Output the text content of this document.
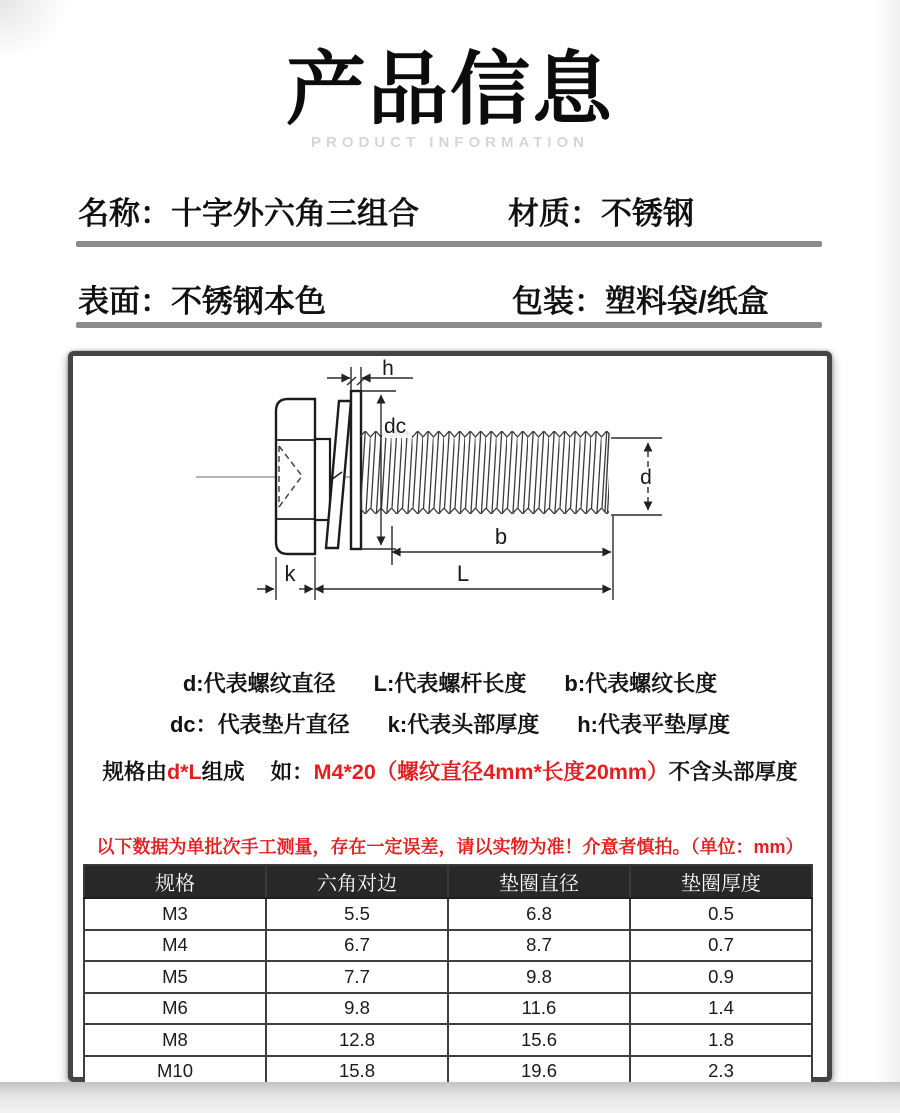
产品信息
PRODUCT INFORMATION
名称：十字外六角三组合	材质：不锈钢
表面：不锈钢本色	包装：塑料袋/纸盒
h
dc
d
b
k	L
d:代表螺纹直径 L:代表螺杆长度 b:代表螺纹长度
dc：代表垫片直径 k:代表头部厚度 h:代表平垫厚度
规格由d*L组成 如：M4*20（螺纹直径4mm*长度20mm）不含头部厚度
以下数据为单批次手工测量，存在一定误差，请以实物为准！介意者慎拍。（单位：mm）
规格	六角对边	垫圈直径	垫圈厚度
M3	5.5	6.8	0.5
M4	6.7	8.7	0.7
M5	7.7	9.8	0.9
M6	9.8	11.6	1.4
M8	12.8	15.6	1.8
M10	15.8	19.6	2.3
